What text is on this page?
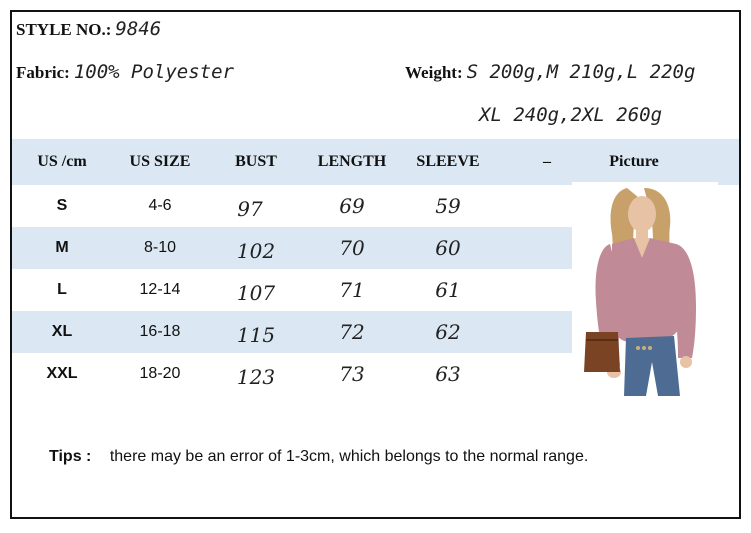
STYLE NO.: 9846
Fabric: 100% Polyester	Weight: S 200g,M 210g,L 220g
XL 240g,2XL 260g
US /cm	US SIZE	BUST	LENGTH	SLEEVE	–	Picture
S	4-6	97	69	59
M	8-10	102	70	60
L	12-14	107	71	61
XL	16-18	115	72	62
XXL	18-20	123	73	63
Tips : there may be an error of 1-3cm, which belongs to the normal range.
